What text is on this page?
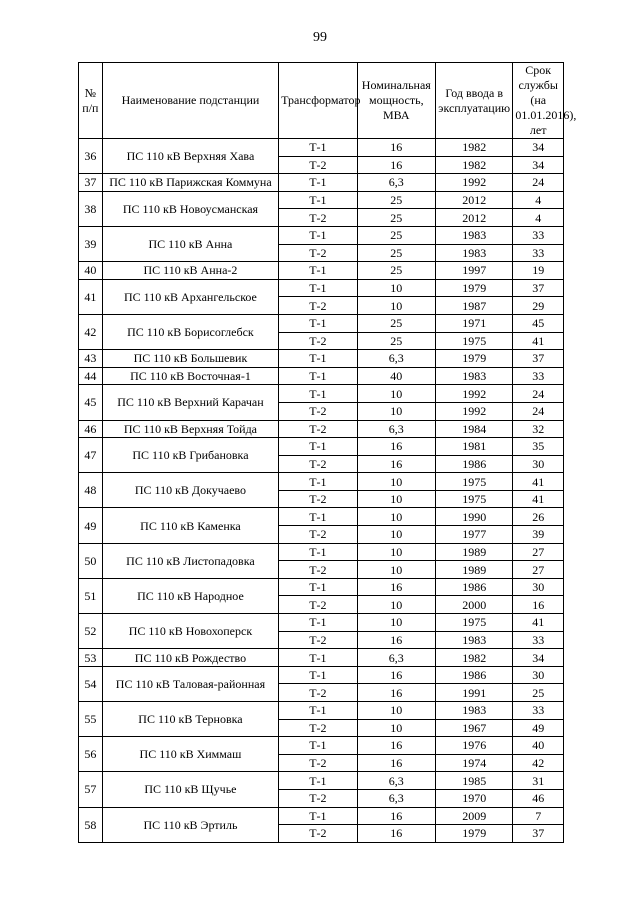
99
№ п/п	Наименование подстанции	Трансформатор	Номинальная мощность, МВА	Год ввода в эксплуатацию	Срок службы (на 01.01.2016), лет
36	ПС 110 кВ Верхняя Хава	Т-1	16	1982	34
		Т-2	16	1982	34
37	ПС 110 кВ Парижская Коммуна	Т-1	6,3	1992	24
38	ПС 110 кВ Новоусманская	Т-1	25	2012	4
		Т-2	25	2012	4
39	ПС 110 кВ Анна	Т-1	25	1983	33
		Т-2	25	1983	33
40	ПС 110 кВ Анна-2	Т-1	25	1997	19
41	ПС 110 кВ Архангельское	Т-1	10	1979	37
		Т-2	10	1987	29
42	ПС 110 кВ Борисоглебск	Т-1	25	1971	45
		Т-2	25	1975	41
43	ПС 110 кВ Большевик	Т-1	6,3	1979	37
44	ПС 110 кВ Восточная-1	Т-1	40	1983	33
45	ПС 110 кВ Верхний Карачан	Т-1	10	1992	24
		Т-2	10	1992	24
46	ПС 110 кВ Верхняя Тойда	Т-2	6,3	1984	32
47	ПС 110 кВ Грибановка	Т-1	16	1981	35
		Т-2	16	1986	30
48	ПС 110 кВ Докучаево	Т-1	10	1975	41
		Т-2	10	1975	41
49	ПС 110 кВ Каменка	Т-1	10	1990	26
		Т-2	10	1977	39
50	ПС 110 кВ Листопадовка	Т-1	10	1989	27
		Т-2	10	1989	27
51	ПС 110 кВ Народное	Т-1	16	1986	30
		Т-2	10	2000	16
52	ПС 110 кВ Новохоперск	Т-1	10	1975	41
		Т-2	16	1983	33
53	ПС 110 кВ Рождество	Т-1	6,3	1982	34
54	ПС 110 кВ Таловая-районная	Т-1	16	1986	30
		Т-2	16	1991	25
55	ПС 110 кВ Терновка	Т-1	10	1983	33
		Т-2	10	1967	49
56	ПС 110 кВ Химмаш	Т-1	16	1976	40
		Т-2	16	1974	42
57	ПС 110 кВ Щучье	Т-1	6,3	1985	31
		Т-2	6,3	1970	46
58	ПС 110 кВ Эртиль	Т-1	16	2009	7
		Т-2	16	1979	37
